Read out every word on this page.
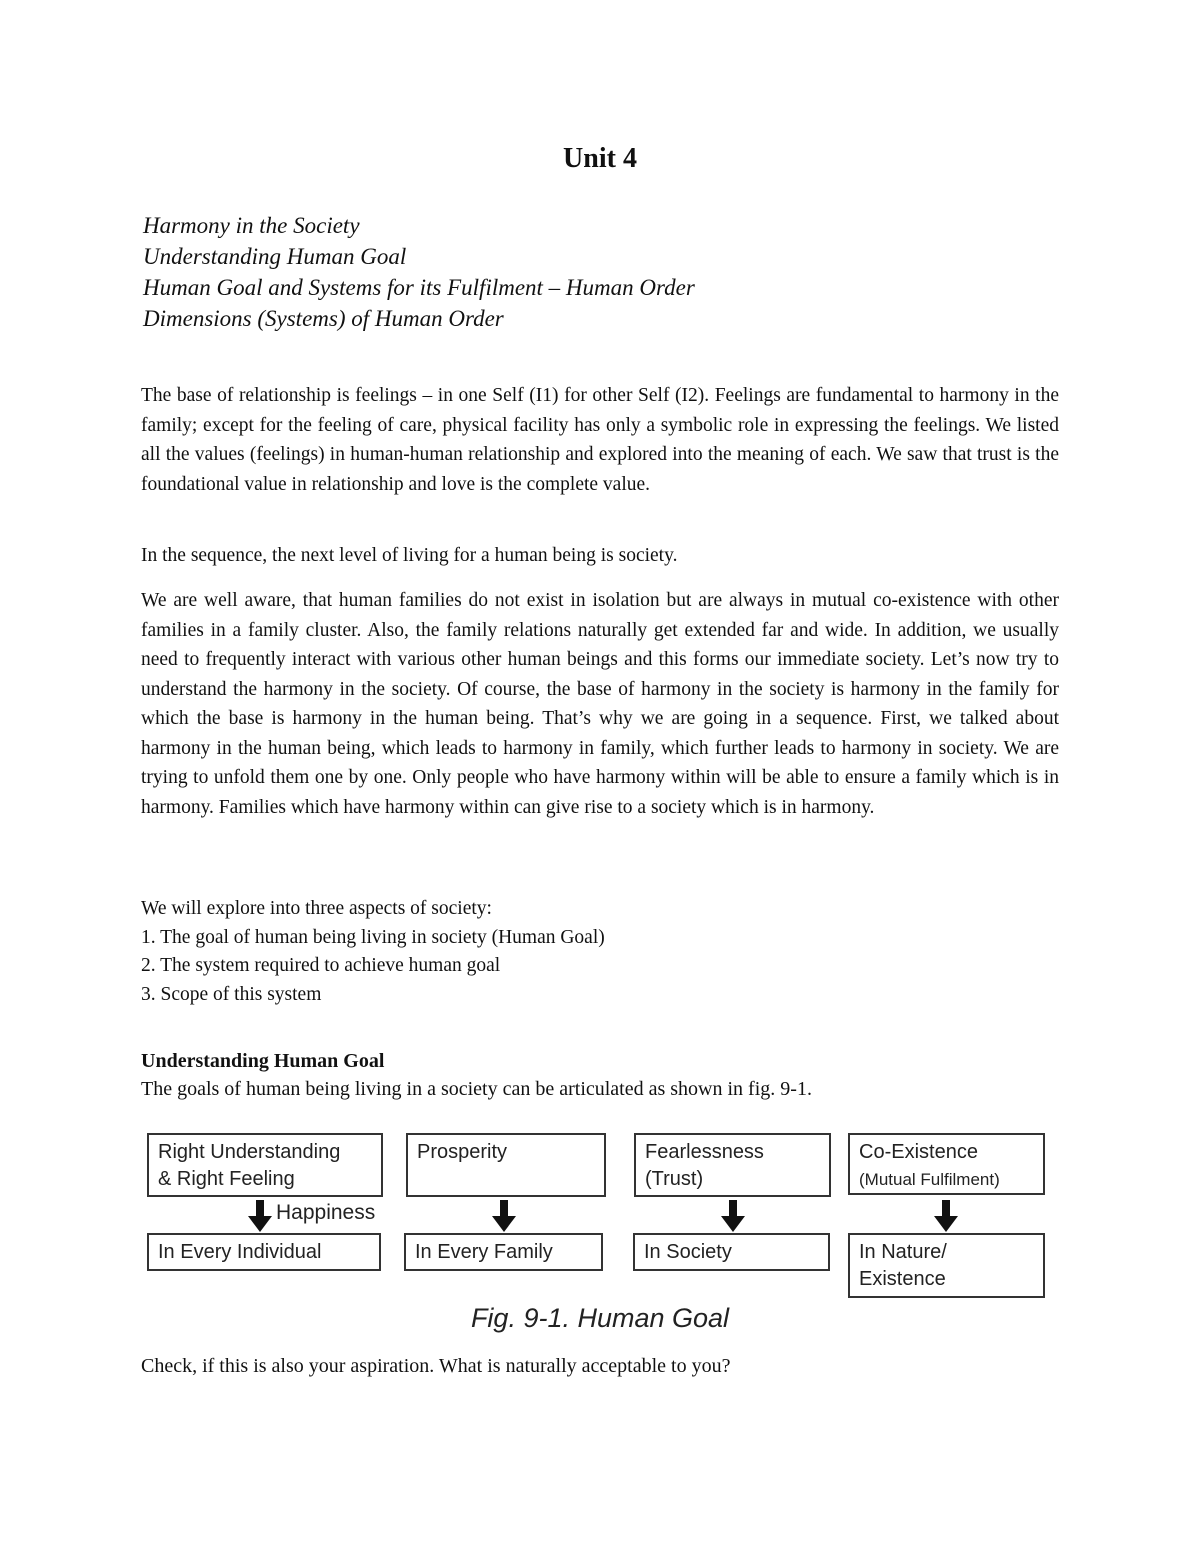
Unit 4
Harmony in the Society
Understanding Human Goal
Human Goal and Systems for its Fulfilment – Human Order
Dimensions (Systems) of Human Order

The base of relationship is feelings – in one Self (I1) for other Self (I2). Feelings are fundamental to harmony in the family; except for the feeling of care, physical facility has only a symbolic role in expressing the feelings. We listed all the values (feelings) in human-human relationship and explored into the meaning of each. We saw that trust is the foundational value in relationship and love is the complete value.

In the sequence, the next level of living for a human being is society.

We are well aware, that human families do not exist in isolation but are always in mutual co-existence with other families in a family cluster. Also, the family relations naturally get extended far and wide. In addition, we usually need to frequently interact with various other human beings and this forms our immediate society. Let’s now try to understand the harmony in the society. Of course, the base of harmony in the society is harmony in the family for which the base is harmony in the human being. That’s why we are going in a sequence. First, we talked about harmony in the human being, which leads to harmony in family, which further leads to harmony in society. We are trying to unfold them one by one. Only people who have harmony within will be able to ensure a family which is in harmony. Families which have harmony within can give rise to a society which is in harmony.

We will explore into three aspects of society:
1. The goal of human being living in society (Human Goal)
2. The system required to achieve human goal
3. Scope of this system
Understanding Human Goal
The goals of human being living in a society can be articulated as shown in fig. 9-1.
Right Understanding
& Right Feeling
Prosperity	Fearlessness
(Trust)
Co-Existence
(Mutual Fulfilment)
Happiness
In Every Individual	In Every Family	In Society	In Nature/
Existence
Fig. 9-1. Human Goal
Check, if this is also your aspiration. What is naturally acceptable to you?
